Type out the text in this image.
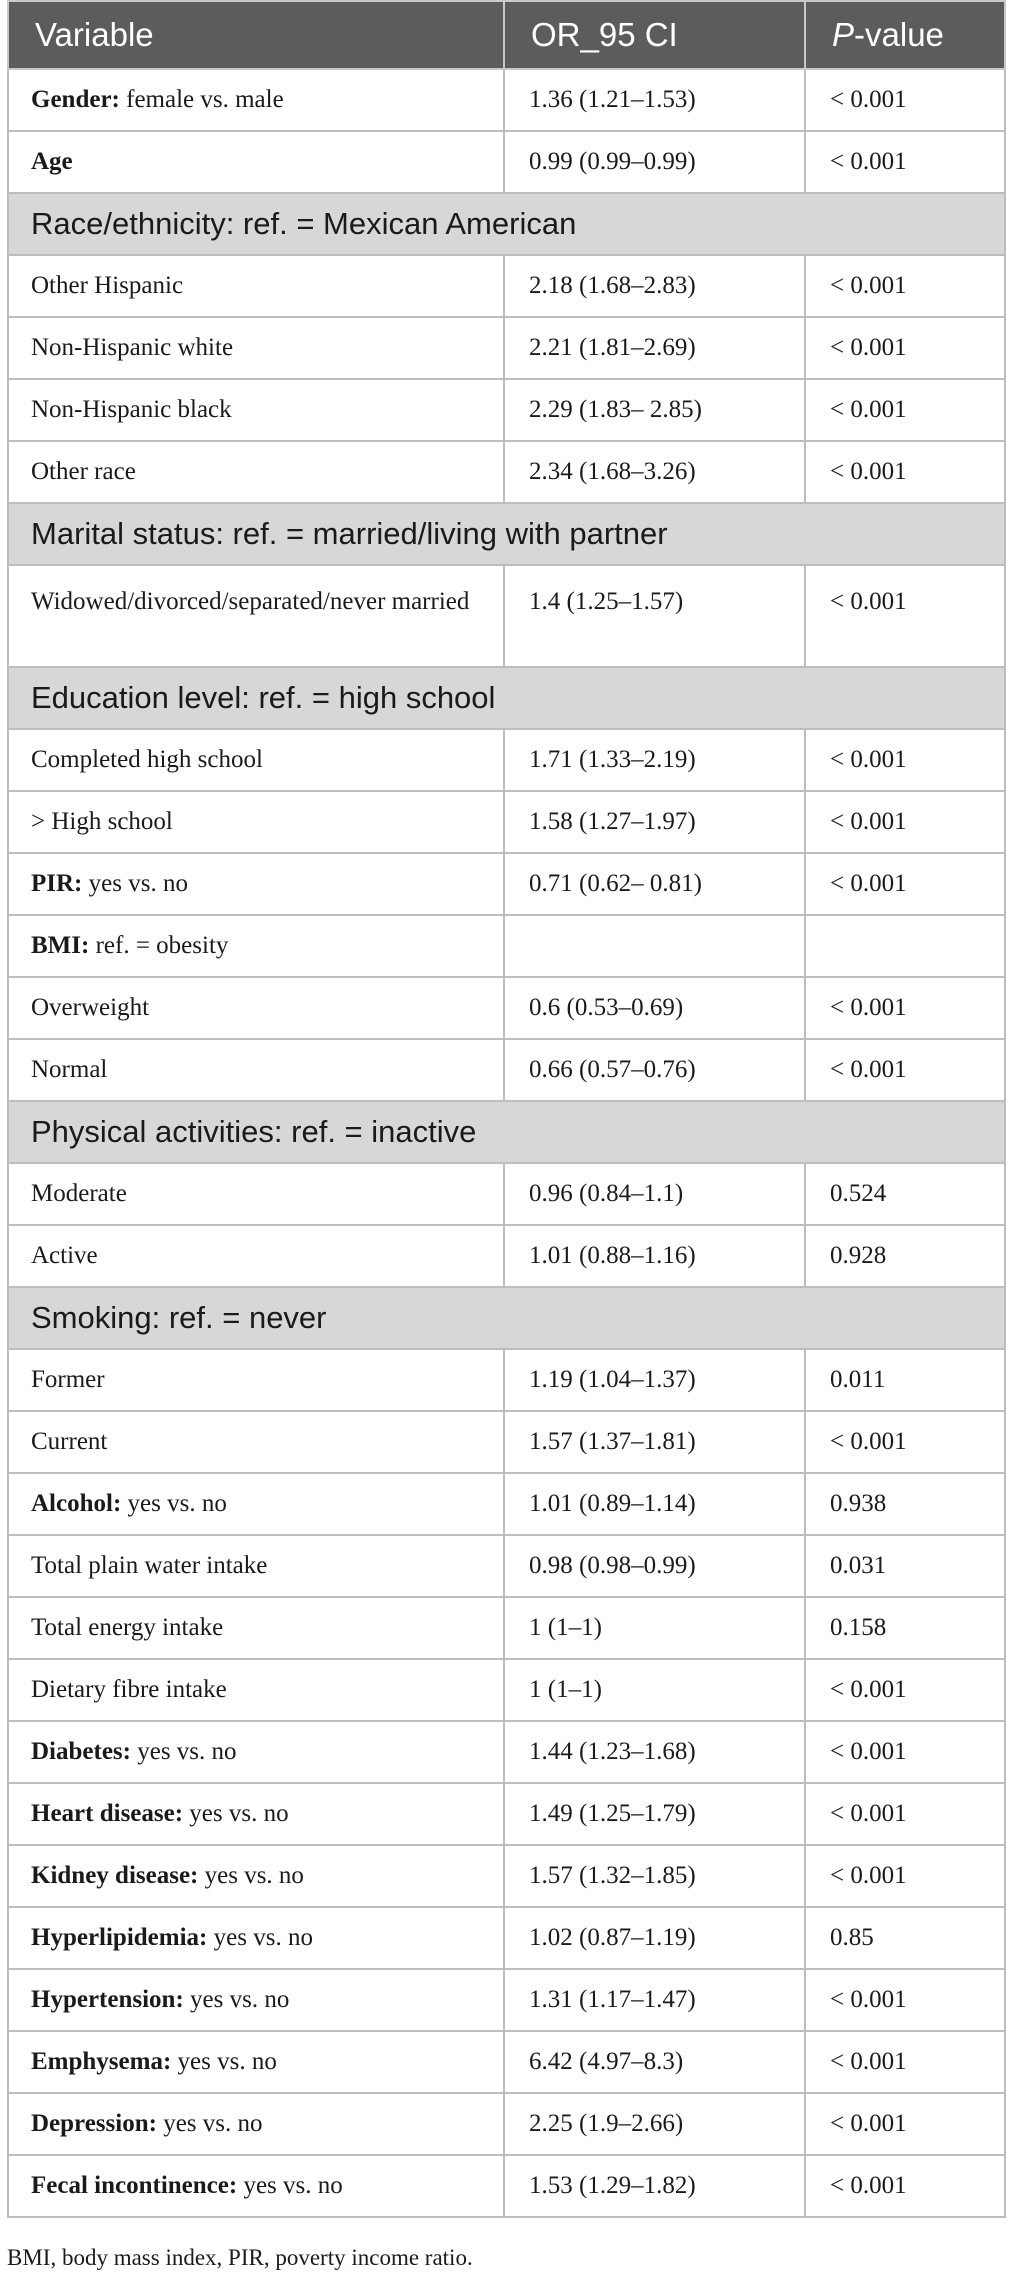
Variable	OR_95 CI	P-value
Gender: female vs. male	1.36 (1.21–1.53)	< 0.001
Age	0.99 (0.99–0.99)	< 0.001
Race/ethnicity: ref. = Mexican American		
Other Hispanic	2.18 (1.68–2.83)	< 0.001
Non-Hispanic white	2.21 (1.81–2.69)	< 0.001
Non-Hispanic black	2.29 (1.83– 2.85)	< 0.001
Other race	2.34 (1.68–3.26)	< 0.001
Marital status: ref. = married/living with partner		
Widowed/divorced/separated/never married	1.4 (1.25–1.57)	< 0.001
Education level: ref. = high school		
Completed high school	1.71 (1.33–2.19)	< 0.001
> High school	1.58 (1.27–1.97)	< 0.001
PIR: yes vs. no	0.71 (0.62– 0.81)	< 0.001
BMI: ref. = obesity		
Overweight	0.6 (0.53–0.69)	< 0.001
Normal	0.66 (0.57–0.76)	< 0.001
Physical activities: ref. = inactive		
Moderate	0.96 (0.84–1.1)	0.524
Active	1.01 (0.88–1.16)	0.928
Smoking: ref. = never		
Former	1.19 (1.04–1.37)	0.011
Current	1.57 (1.37–1.81)	< 0.001
Alcohol: yes vs. no	1.01 (0.89–1.14)	0.938
Total plain water intake	0.98 (0.98–0.99)	0.031
Total energy intake	1 (1–1)	0.158
Dietary fibre intake	1 (1–1)	< 0.001
Diabetes: yes vs. no	1.44 (1.23–1.68)	< 0.001
Heart disease: yes vs. no	1.49 (1.25–1.79)	< 0.001
Kidney disease: yes vs. no	1.57 (1.32–1.85)	< 0.001
Hyperlipidemia: yes vs. no	1.02 (0.87–1.19)	0.85
Hypertension: yes vs. no	1.31 (1.17–1.47)	< 0.001
Emphysema: yes vs. no	6.42 (4.97–8.3)	< 0.001
Depression: yes vs. no	2.25 (1.9–2.66)	< 0.001
Fecal incontinence: yes vs. no	1.53 (1.29–1.82)	< 0.001
BMI, body mass index, PIR, poverty income ratio.
